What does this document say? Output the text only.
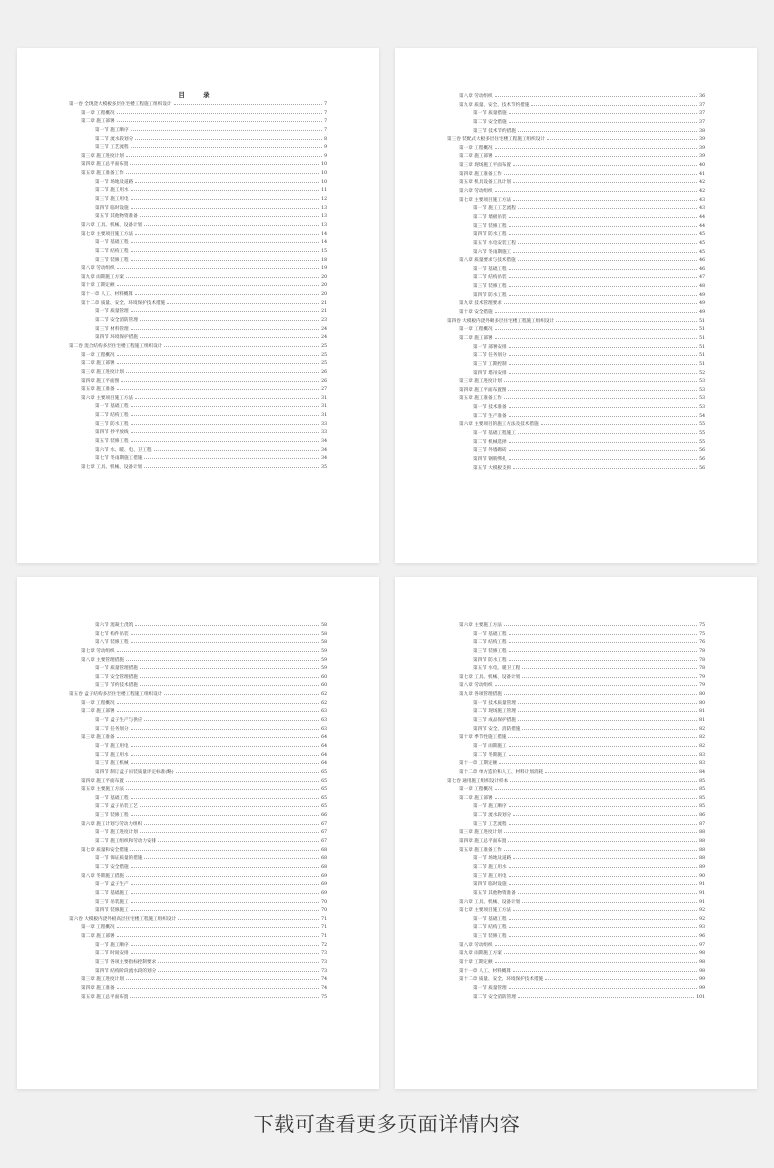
目 录
第一卷 全现浇大模板多层住宅楼工程施工组织设计	7
第一章 工程概况	7
第二章 施工部署	7
第一节 施工顺序	7
第二节 流水段划分	8
第三节 工艺流程	9
第三章 施工进度计划	9
第四章 施工总平面布置	10
第五章 施工准备工作	10
第一节 场地及道路	10
第二节 施工用水	11
第三节 施工用电	12
第四节 临时设施	13
第五节 其他物资准备	13
第六章 工具、机械、设备计划	13
第七章 主要项目施工方法	14
第一节 基础工程	14
第二节 结构工程	15
第三节 装修工程	18
第八章 劳动组织	19
第九章 雨期施工方案	20
第十章 工期定额	20
第十一章 人工、材料概算	20
第十二章 质量、安全、环境保护技术措施	21
第一节 质量管理	21
第二节 安全消防管理	23
第三节 材料管理	24
第四节 环境保护措施	24
第二卷 混合结构多层住宅楼工程施工组织设计	25
第一章 工程概况	25
第二章 施工部署	25
第三章 施工进度计划	26
第四章 施工平面图	26
第五章 施工准备	27
第六章 主要项目施工方法	31
第一节 基础工程	31
第二节 结构工程	31
第三节 防水工程	33
第四节 抄平放线	33
第五节 装修工程	34
第六节 水、暖、电、卫工程	34
第七节 冬雨期施工措施	34
第七章 工具、机械、设备计划	35
第八章 劳动组织	36
第九章 质量、安全、技术节约措施	37
第一节 质量措施	37
第二节 安全措施	37
第三节 技术节约措施	38
第三卷 装配式大板多层住宅楼工程施工组织设计	39
第一章 工程概况	39
第二章 施工部署	39
第三章 现场施工平面布置	40
第四章 施工准备工作	41
第五章 机具设备工具计划	42
第六章 劳动组织	42
第七章 主要项目施工方法	43
第一节 施工工艺流程	43
第二节 墙板吊装	44
第三节 装修工程	44
第四节 防水工程	45
第五节 水电安装工程	45
第六节 冬雨期施工	45
第八章 质量要求与技术措施	46
第一节 基础工程	46
第二节 结构吊装	47
第三节 装修工程	48
第四节 防水工程	49
第九章 技术管理要求	49
第十章 安全措施	49
第四卷 大模板内浇外砌多层住宅楼工程施工组织设计	51
第一章 工程概况	51
第二章 施工部署	51
第一节 部署安排	51
第二节 任务划分	51
第三节 工期控制	51
第四节 塔吊安排	52
第三章 施工进度计划	53
第四章 施工平面布置图	53
第五章 施工准备工作	53
第一节 技术准备	53
第二节 生产准备	54
第六章 主要项目的施工方法及技术措施	55
第一节 基础工程施工	55
第二节 机械选择	55
第三节 外墙砌砖	56
第四节 钢筋绑扎	56
第五节 大模板支拆	56
第六节 混凝土浇筑	58
第七节 构件吊装	58
第八节 装修工程	58
第七章 劳动组织	59
第八章 主要管理措施	59
第一节 质量管理措施	59
第二节 安全管理措施	60
第三节 节约技术措施	60
第五卷 盒子结构多层住宅楼工程施工组织设计	62
第一章 工程概况	62
第二章 施工部署	63
第一节 盒子生产与供应	63
第二节 任务划分	63
第三章 施工准备	64
第一节 施工用电	64
第二节 施工用水	64
第三节 施工机械	64
第四节 制订盒子吊装质量评定标准(略)	65
第四章 施工平面布置	65
第五章 主要施工方法	65
第一节 基础工程	65
第二节 盒子吊装工艺	65
第三节 装修工程	66
第六章 施工计划与劳动力组织	67
第一节 施工进度计划	67
第二节 施工组织和劳动力安排	67
第七章 质量和安全措施	68
第一节 保证质量的措施	68
第二节 安全措施	68
第八章 冬期施工措施	69
第一节 盒子生产	69
第二节 基础施工	69
第三节 吊装施工	70
第四节 装修施工	70
第六卷 大模板内浇外板高层住宅楼工程施工组织设计	71
第一章 工程概况	71
第二章 施工部署	71
第一节 施工顺序	72
第二节 时间安排	73
第三节 各项主要指标控制要求	73
第四节 结构阶段流水段的划分	73
第三章 施工进度计划	74
第四章 施工准备	74
第五章 施工总平面布置	75
第六章 主要施工方法	75
第一节 基础工程	75
第二节 结构工程	76
第三节 装修工程	78
第四节 防水工程	78
第五节 水电、暖卫工程	78
第七章 工具、机械、设备计划	79
第八章 劳动组织	79
第九章 各项管理措施	80
第一节 技术质量管理	80
第二节 现场施工管理	81
第三节 成品保护措施	81
第四节 安全、消防措施	82
第十章 季节性施工措施	82
第一节 雨期施工	82
第二节 冬期施工	83
第十一章 工期定额	83
第十二章 单方造价和人工、材料计划消耗	84
第七卷 通用施工组织设计样本	85
第一章 工程概况	85
第二章 施工部署	85
第一节 施工顺序	85
第二节 流水段划分	86
第三节 工艺流程	87
第三章 施工进度计划	88
第四章 施工总平面布置	88
第五章 施工准备工作	88
第一节 场地及道路	88
第二节 施工用水	89
第三节 施工用电	90
第四节 临时设施	91
第五节 其他物资准备	91
第六章 工具、机械、设备计划	91
第七章 主要项目施工方法	92
第一节 基础工程	92
第二节 结构工程	93
第三节 装修工程	96
第八章 劳动组织	97
第九章 雨期施工方案	98
第十章 工期定额	98
第十一章 人工、材料概算	98
第十二章 质量、安全、环境保护技术措施	99
第一节 质量管理	99
第二节 安全消防管理	101
下载可查看更多页面详情内容
